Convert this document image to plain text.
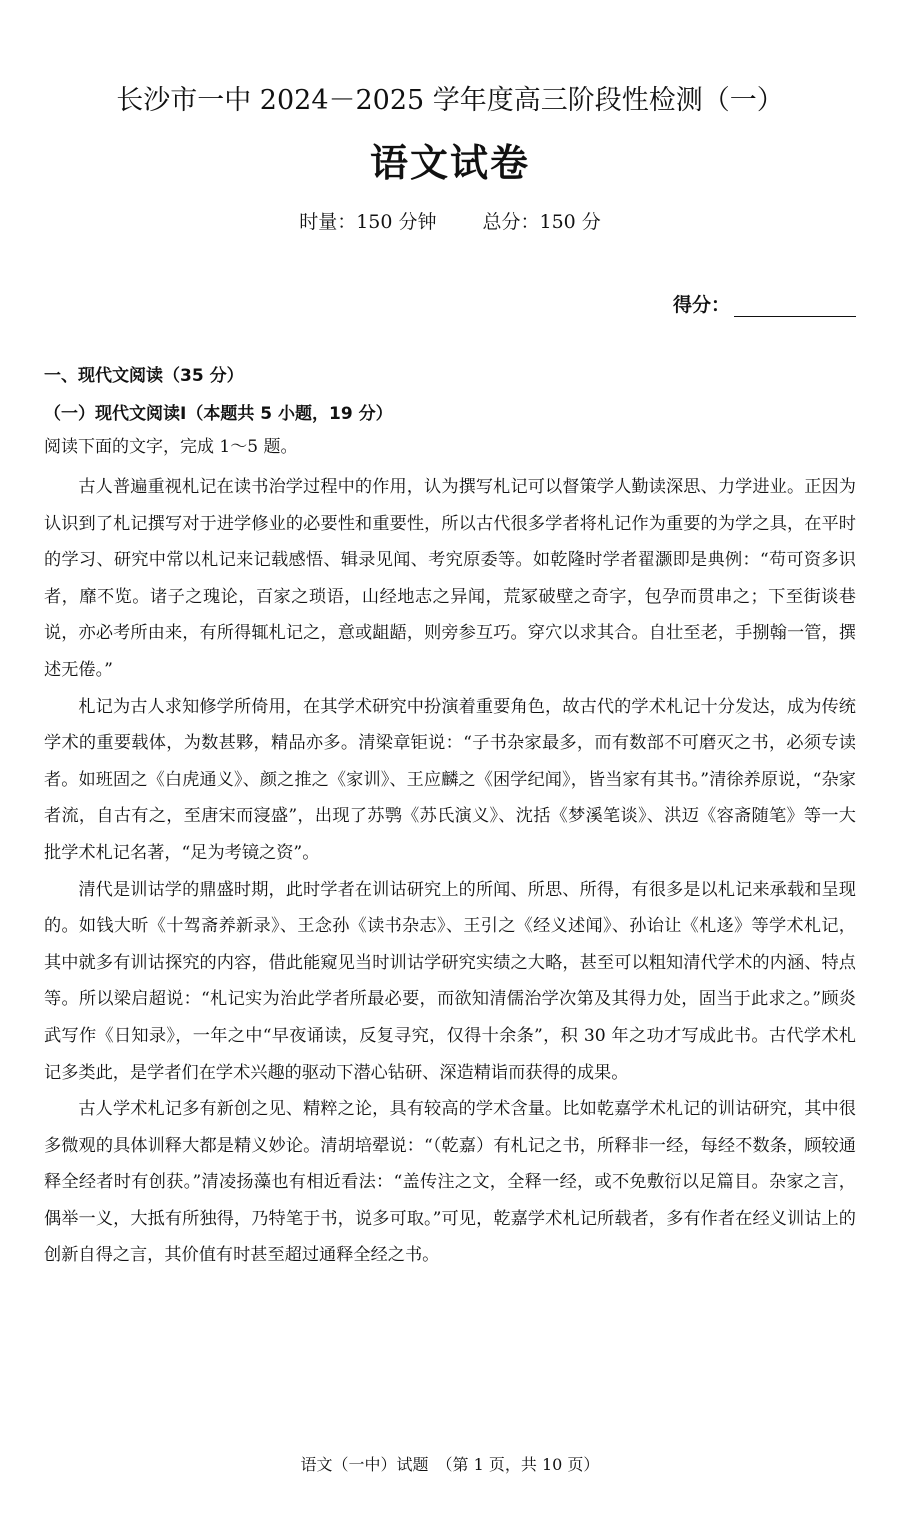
长沙市一中 2024－2025 学年度高三阶段性检测（一）
语文试卷
时量：150 分钟 总分：150 分
得分：
一、现代文阅读（35 分）
（一）现代文阅读Ⅰ（本题共 5 小题，19 分）
阅读下面的文字，完成 1～5 题。

古人普遍重视札记在读书治学过程中的作用，认为撰写札记可以督策学人勤读深思、力学进业。正因为认识到了札记撰写对于进学修业的必要性和重要性，所以古代很多学者将札记作为重要的为学之具，在平时的学习、研究中常以札记来记载感悟、辑录见闻、考究原委等。如乾隆时学者翟灏即是典例：“苟可资多识者，靡不览。诸子之瑰论，百家之琐语，山经地志之异闻，荒冢破壁之奇字，包孕而贯串之；下至街谈巷说，亦必考所由来，有所得辄札记之，意或龃龉，则旁参互巧。穿穴以求其合。自壮至老，手捌翰一管，撰述无倦。”

札记为古人求知修学所倚用，在其学术研究中扮演着重要角色，故古代的学术札记十分发达，成为传统学术的重要载体，为数甚夥，精品亦多。清梁章钜说：“子书杂家最多，而有数部不可磨灭之书，必须专读者。如班固之《白虎通义》、颜之推之《家训》、王应麟之《困学纪闻》，皆当家有其书。”清徐养原说，“杂家者流，自古有之，至唐宋而寖盛”，出现了苏鹗《苏氏演义》、沈括《梦溪笔谈》、洪迈《容斋随笔》等一大批学术札记名著，“足为考镜之资”。

清代是训诂学的鼎盛时期，此时学者在训诂研究上的所闻、所思、所得，有很多是以札记来承载和呈现的。如钱大昕《十驾斋养新录》、王念孙《读书杂志》、王引之《经义述闻》、孙诒让《札迻》等学术札记，其中就多有训诂探究的内容，借此能窥见当时训诂学研究实绩之大略，甚至可以粗知清代学术的内涵、特点等。所以梁启超说：“札记实为治此学者所最必要，而欲知清儒治学次第及其得力处，固当于此求之。”顾炎武写作《日知录》，一年之中“早夜诵读，反复寻究，仅得十余条”，积 30 年之功才写成此书。古代学术札记多类此，是学者们在学术兴趣的驱动下潜心钻研、深造精诣而获得的成果。

古人学术札记多有新创之见、精粹之论，具有较高的学术含量。比如乾嘉学术札记的训诂研究，其中很多微观的具体训释大都是精义妙论。清胡培翚说：“（乾嘉）有札记之书，所释非一经，每经不数条，顾较通释全经者时有创获。”清凌扬藻也有相近看法：“盖传注之文，全释一经，或不免敷衍以足篇目。杂家之言，偶举一义，大抵有所独得，乃特笔于书，说多可取。”可见，乾嘉学术札记所载者，多有作者在经义训诂上的创新自得之言，其价值有时甚至超过通释全经之书。

语文（一中）试题　（第 1 页，共 10 页）
